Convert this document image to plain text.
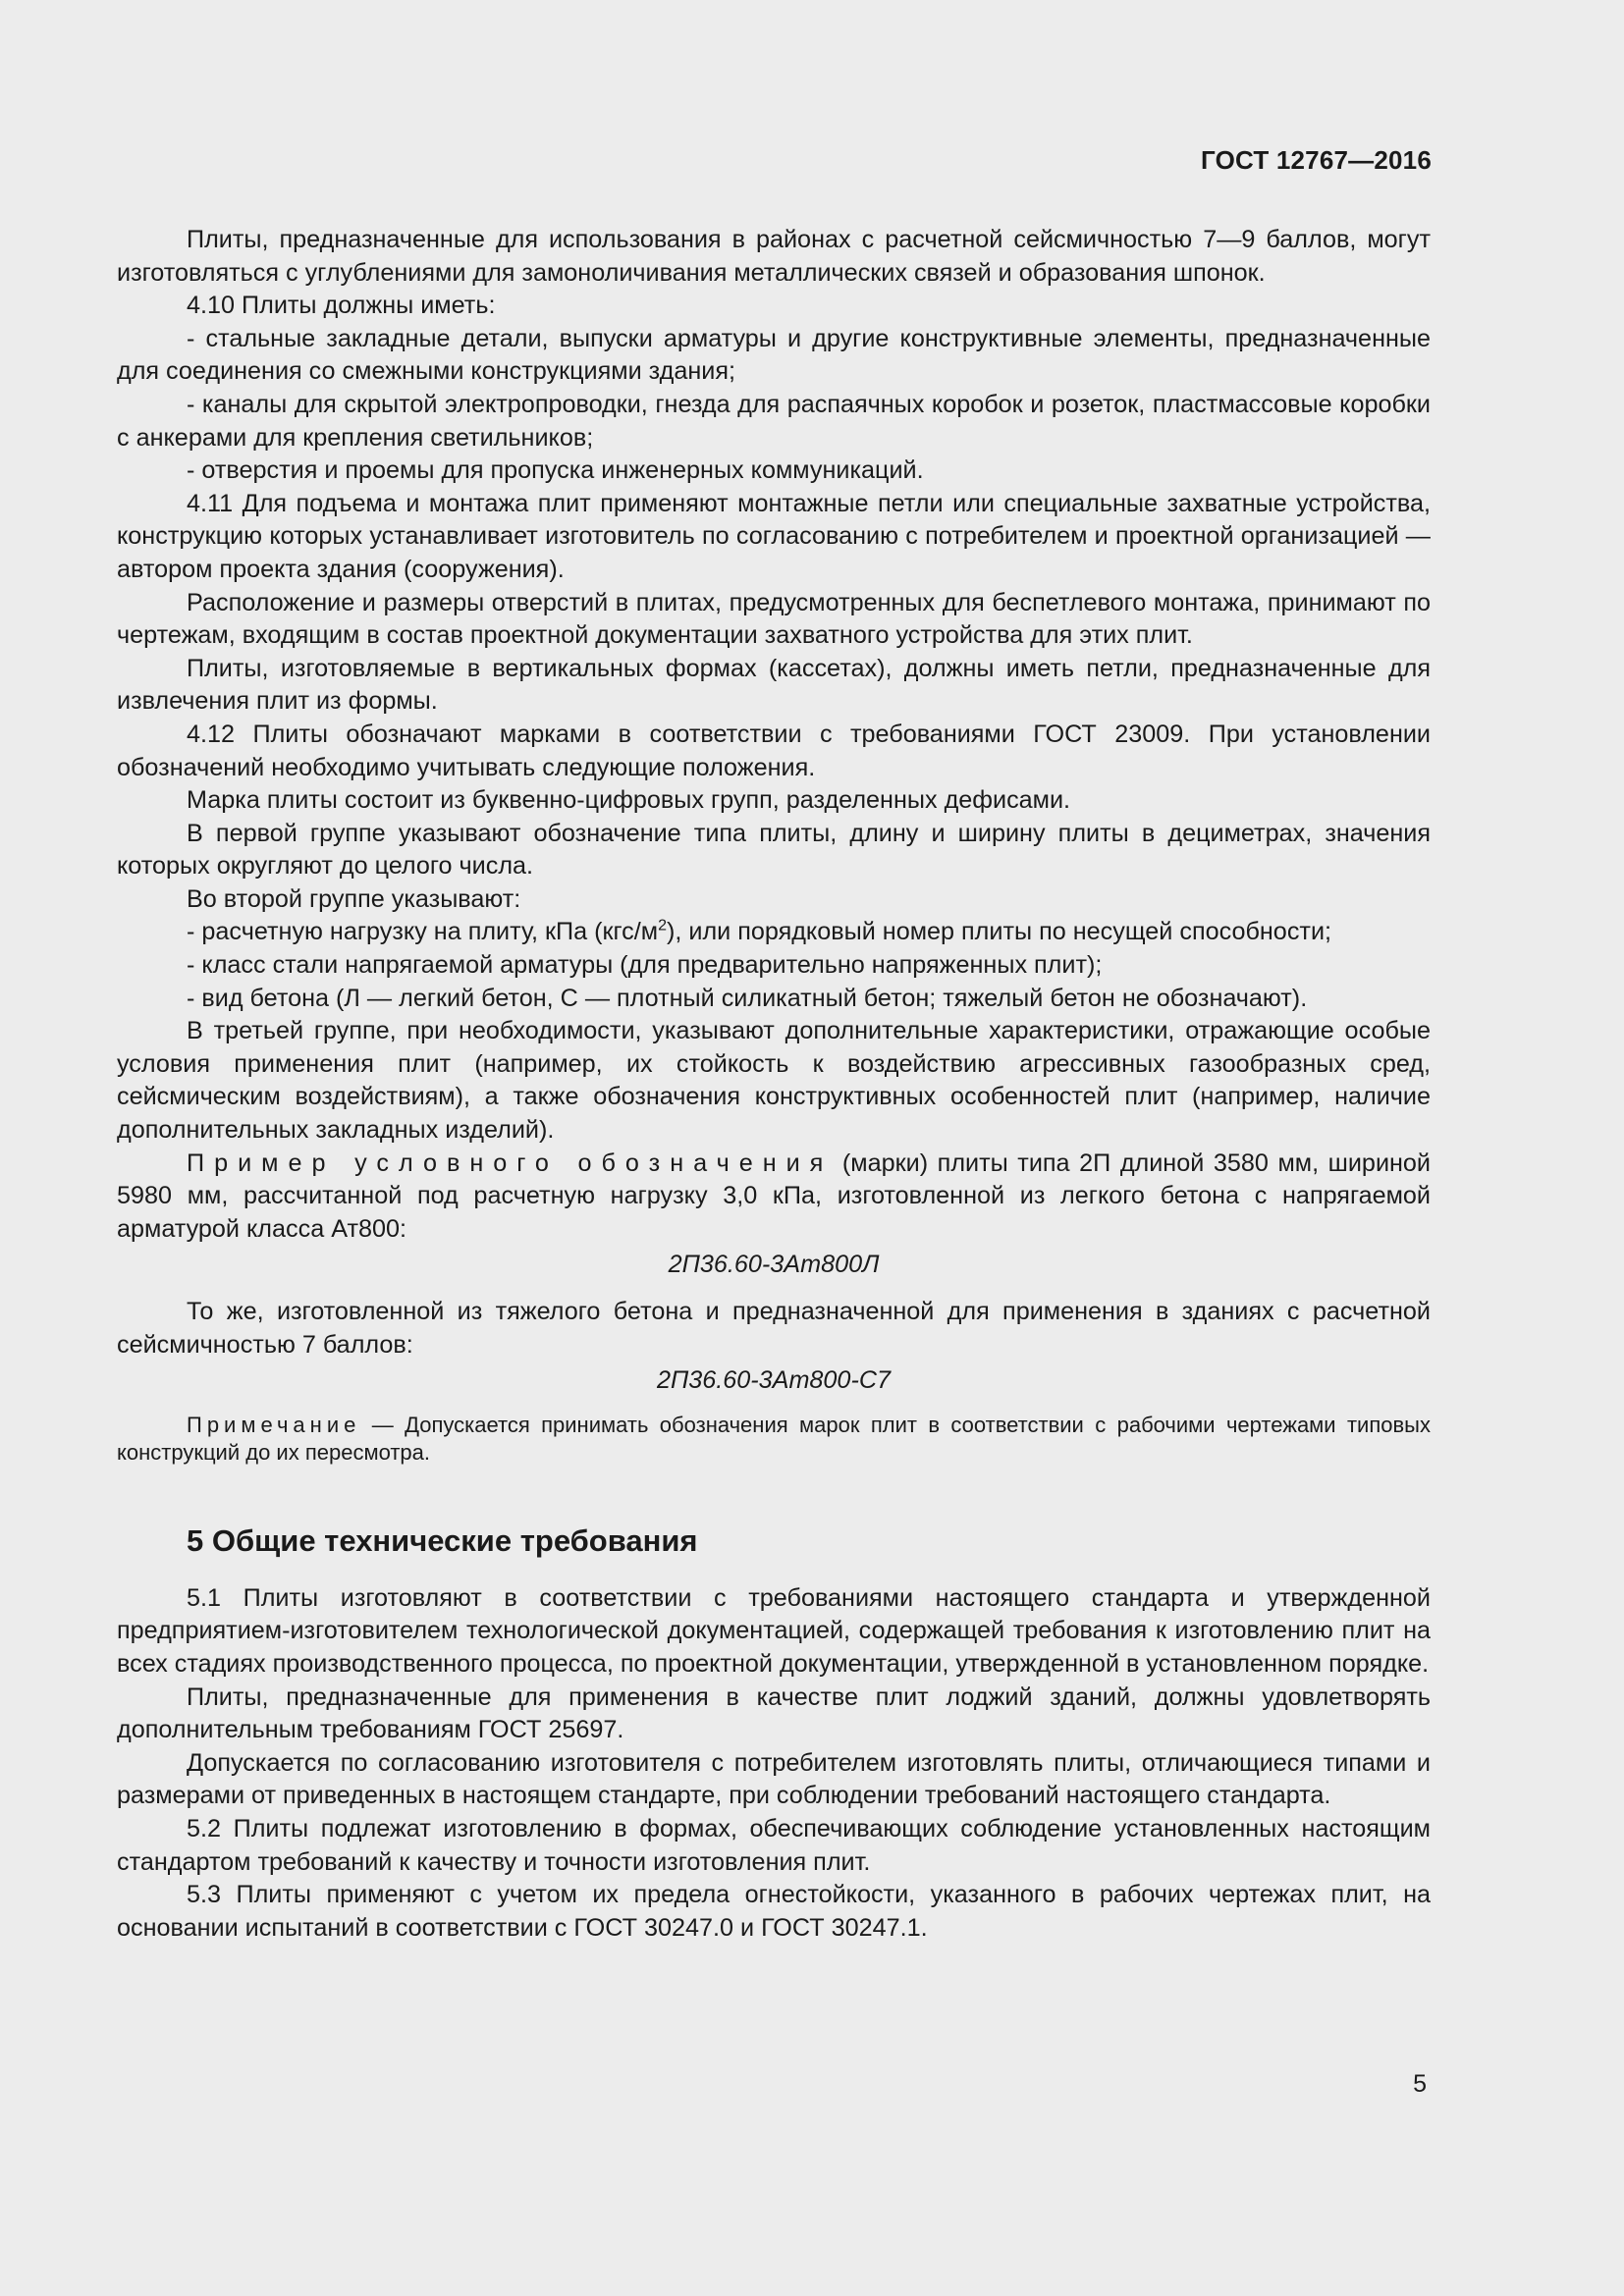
ГОСТ 12767—2016

Плиты, предназначенные для использования в районах с расчетной сейсмичностью 7—9 баллов, могут изготовляться с углублениями для замоноличивания металлических связей и образования шпонок.

4.10 Плиты должны иметь:

- стальные закладные детали, выпуски арматуры и другие конструктивные элементы, предназначенные для соединения со смежными конструкциями здания;

- каналы для скрытой электропроводки, гнезда для распаячных коробок и розеток, пластмассовые коробки с анкерами для крепления светильников;

- отверстия и проемы для пропуска инженерных коммуникаций.

4.11 Для подъема и монтажа плит применяют монтажные петли или специальные захватные устройства, конструкцию которых устанавливает изготовитель по согласованию с потребителем и проектной организацией — автором проекта здания (сооружения).

Расположение и размеры отверстий в плитах, предусмотренных для беспетлевого монтажа, принимают по чертежам, входящим в состав проектной документации захватного устройства для этих плит.

Плиты, изготовляемые в вертикальных формах (кассетах), должны иметь петли, предназначенные для извлечения плит из формы.

4.12 Плиты обозначают марками в соответствии с требованиями ГОСТ 23009. При установлении обозначений необходимо учитывать следующие положения.

Марка плиты состоит из буквенно-цифровых групп, разделенных дефисами.

В первой группе указывают обозначение типа плиты, длину и ширину плиты в дециметрах, значения которых округляют до целого числа.

Во второй группе указывают:

- расчетную нагрузку на плиту, кПа $(кгс/м^2)$, или порядковый номер плиты по несущей способности;

- класс стали напрягаемой арматуры (для предварительно напряженных плит);

- вид бетона (Л — легкий бетон, С — плотный силикатный бетон; тяжелый бетон не обозначают).

В третьей группе, при необходимости, указывают дополнительные характеристики, отражающие особые условия применения плит (например, их стойкость к воздействию агрессивных газообразных сред, сейсмическим воздействиям), а также обозначения конструктивных особенностей плит (например, наличие дополнительных закладных изделий).

Пример условного обозначения (марки) плиты типа 2П длиной 3580 мм, шириной 5980 мм, рассчитанной под расчетную нагрузку 3,0 кПа, изготовленной из легкого бетона с напрягаемой арматурой класса Ат800:

2П36.60-3Ат800Л

То же, изготовленной из тяжелого бетона и предназначенной для применения в зданиях с расчетной сейсмичностью 7 баллов:

2П36.60-3Ат800-С7

Примечание — Допускается принимать обозначения марок плит в соответствии с рабочими чертежами типовых конструкций до их пересмотра.

5 Общие технические требования

5.1 Плиты изготовляют в соответствии с требованиями настоящего стандарта и утвержденной предприятием-изготовителем технологической документацией, содержащей требования к изготовлению плит на всех стадиях производственного процесса, по проектной документации, утвержденной в установленном порядке.

Плиты, предназначенные для применения в качестве плит лоджий зданий, должны удовлетворять дополнительным требованиям ГОСТ 25697.

Допускается по согласованию изготовителя с потребителем изготовлять плиты, отличающиеся типами и размерами от приведенных в настоящем стандарте, при соблюдении требований настоящего стандарта.

5.2 Плиты подлежат изготовлению в формах, обеспечивающих соблюдение установленных настоящим стандартом требований к качеству и точности изготовления плит.

5.3 Плиты применяют с учетом их предела огнестойкости, указанного в рабочих чертежах плит, на основании испытаний в соответствии с ГОСТ 30247.0 и ГОСТ 30247.1.

5
